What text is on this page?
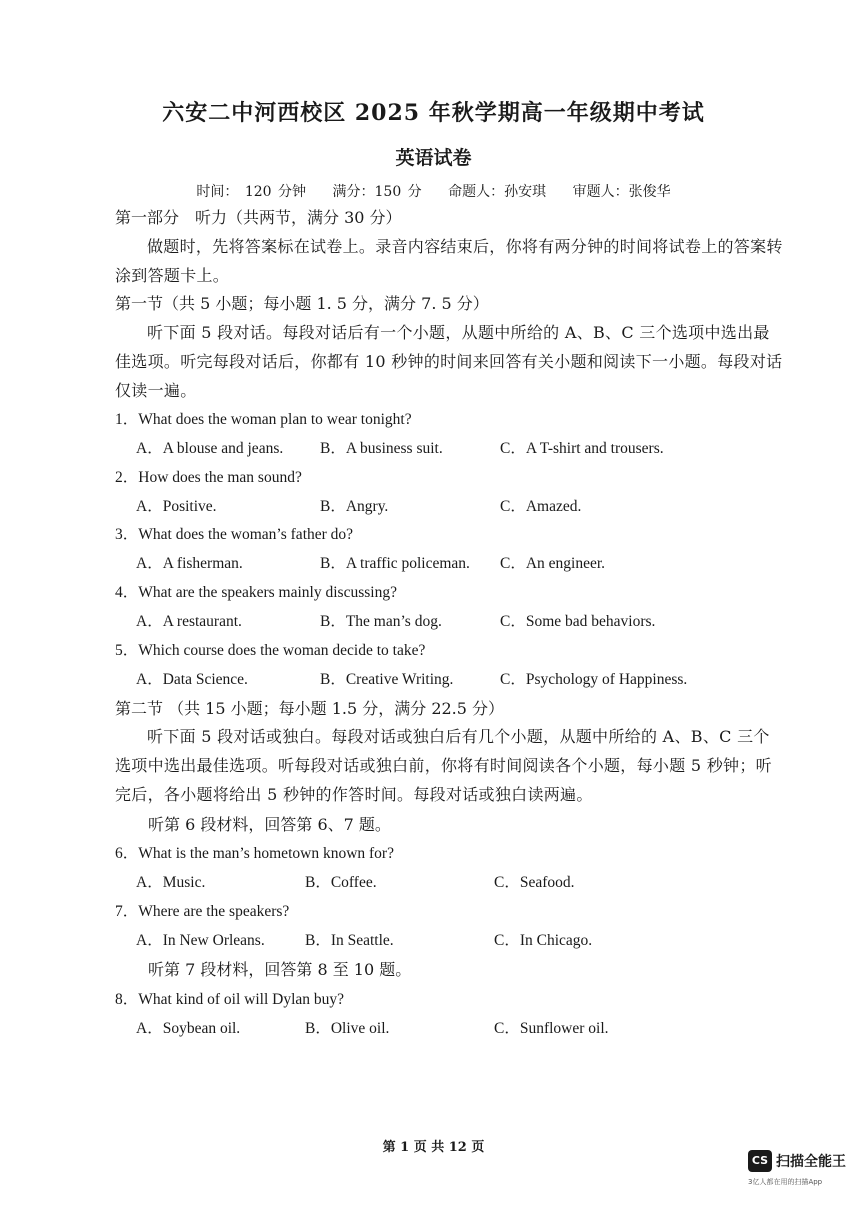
六安二中河西校区 2025 年秋学期高一年级期中考试
英语试卷
时间： 120 分钟 满分：150 分 命题人：孙安琪 审题人：张俊华
第一部分　听力（共两节，满分 30 分）
做题时，先将答案标在试卷上。录音内容结束后，你将有两分钟的时间将试卷上的答案转涂到答题卡上。
第一节（共 5 小题；每小题 1. 5 分，满分 7. 5 分）
听下面 5 段对话。每段对话后有一个小题，从题中所给的 A、B、C 三个选项中选出最佳选项。听完每段对话后，你都有 10 秒钟的时间来回答有关小题和阅读下一小题。每段对话仅读一遍。
1．What does the woman plan to wear tonight?
A．A blouse and jeans. B．A business suit.	C．A T-shirt and trousers.
2．How does the man sound?
A．Positive.	B．Angry.	C．Amazed.
3．What does the woman’s father do?
A．A fisherman.	B．A traffic policeman. C．An engineer.
4．What are the speakers mainly discussing?
A．A restaurant.	B．The man’s dog.	C．Some bad behaviors.
5．Which course does the woman decide to take?
A．Data Science.	B．Creative Writing.	C．Psychology of Happiness.
第二节 （共 15 小题；每小题 1.5 分，满分 22.5 分）
听下面 5 段对话或独白。每段对话或独白后有几个小题，从题中所给的 A、B、C 三个选项中选出最佳选项。听每段对话或独白前，你将有时间阅读各个小题，每小题 5 秒钟；听完后，各小题将给出 5 秒钟的作答时间。每段对话或独白读两遍。
听第 6 段材料，回答第 6、7 题。
6．What is the man’s hometown known for?
A．Music.	B．Coffee.	C．Seafood.
7．Where are the speakers?
A．In New Orleans.	B．In Seattle.	C．In Chicago.
听第 7 段材料，回答第 8 至 10 题。
8．What kind of oil will Dylan buy?
A．Soybean oil.	B．Olive oil.	C．Sunflower oil.
第 1 页 共 12 页
CS 扫描全能王
3亿人都在用的扫描App
